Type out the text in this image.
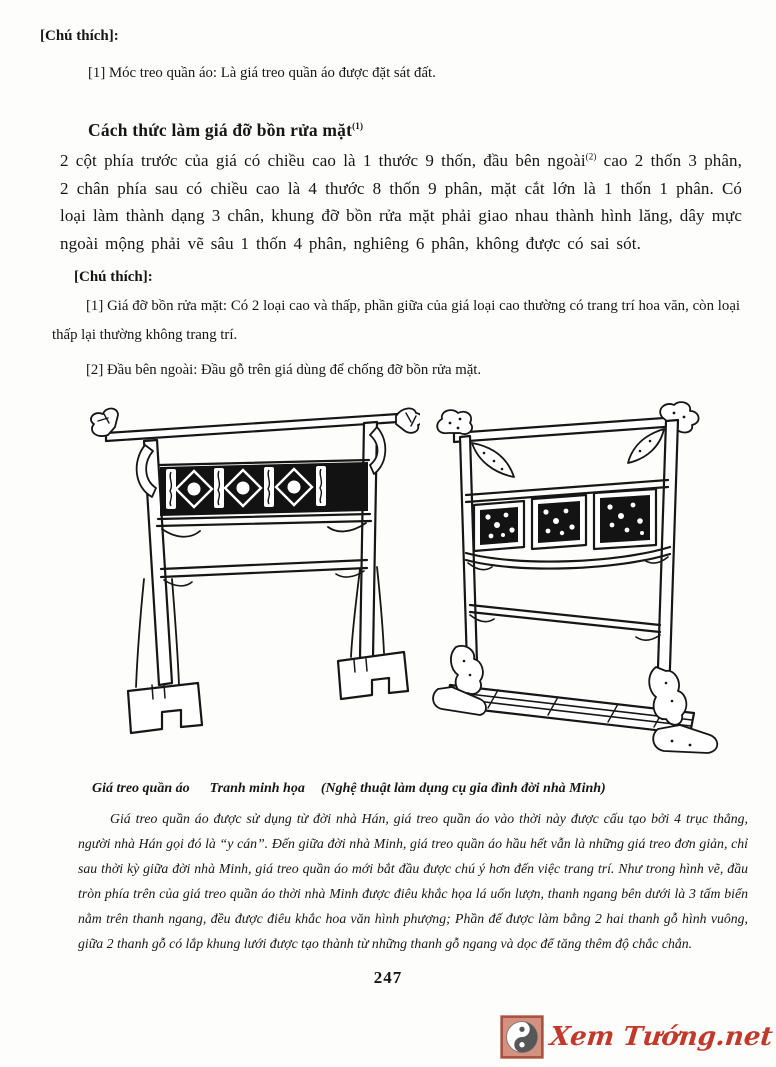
[Chú thích]:
[1] Móc treo quần áo: Là giá treo quần áo được đặt sát đất.
Cách thức làm giá đỡ bồn rửa mặt$^{(1)}$

2 cột phía trước của giá có chiều cao là 1 thước 9 thốn, đầu bên ngoài$^{(2)}$ cao 2 thốn 3 phân, 2 chân phía sau có chiều cao là 4 thước 8 thốn 9 phân, mặt cắt lớn là 1 thốn 1 phân. Có loại làm thành dạng 3 chân, khung đỡ bồn rửa mặt phải giao nhau thành hình lăng, dây mực ngoài mộng phải vẽ sâu 1 thốn 4 phân, nghiêng 6 phân, không được có sai sót.

[Chú thích]:
[1] Giá đỡ bồn rửa mặt: Có 2 loại cao và thấp, phần giữa của giá loại cao thường có trang trí hoa văn, còn loại thấp lại thường không trang trí.
[2] Đầu bên ngoài: Đầu gỗ trên giá dùng để chống đỡ bồn rửa mặt.
Giá treo quần áo Tranh minh họa (Nghệ thuật làm dụng cụ gia đình đời nhà Minh)

Giá treo quần áo được sử dụng từ đời nhà Hán, giá treo quần áo vào thời này được cấu tạo bởi 4 trục thẳng, người nhà Hán gọi đó là “y cán”. Đến giữa đời nhà Minh, giá treo quần áo hầu hết vẫn là những giá treo đơn giản, chỉ sau thời kỳ giữa đời nhà Minh, giá treo quần áo mới bắt đầu được chú ý hơn đến việc trang trí. Như trong hình vẽ, đầu tròn phía trên của giá treo quần áo thời nhà Minh được điêu khắc họa lá uốn lượn, thanh ngang bên dưới là 3 tấm biển nằm trên thanh ngang, đều được điêu khắc hoa văn hình phượng; Phần đế được làm bằng 2 hai thanh gỗ hình vuông, giữa 2 thanh gỗ có lắp khung lưới được tạo thành từ những thanh gỗ ngang và dọc để tăng thêm độ chắc chắn.

247
Xem Tướng.net
